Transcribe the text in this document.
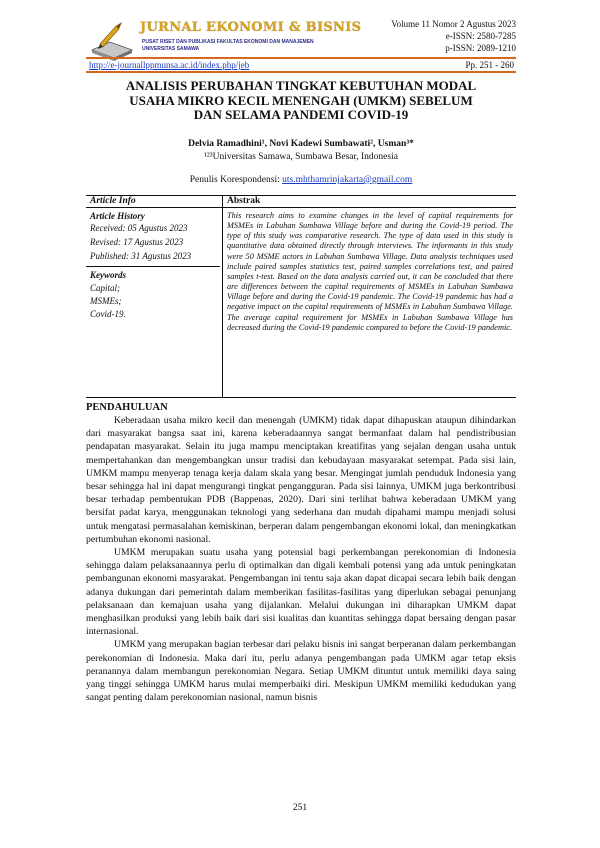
JURNAL EKONOMI & BISNIS
PUSAT RISET DAN PUBLIKASI FAKULTAS EKONOMI DAN MANAJEMEN
UNIVERSITAS SAMAWA
Volume 11 Nomor 2 Agustus 2023
e-ISSN: 2580-7285
p-ISSN: 2089-1210
http://e-journallppmunsa.ac.id/index.php/jeb	Pp. 251 - 260
ANALISIS PERUBAHAN TINGKAT KEBUTUHAN MODAL
USAHA MIKRO KECIL MENENGAH (UMKM) SEBELUM
DAN SELAMA PANDEMI COVID-19
Delvia Ramadhini¹, Novi Kadewi Sumbawati², Usman³*
¹²³Universitas Samawa, Sumbawa Besar, Indonesia
Penulis Korespondensi: uts.mhthamrinjakarta@gmail.com
Article Info	Abstrak
Article History
Received: 05 Agustus 2023
Revised: 17 Agustus 2023
Published: 31 Agustus 2023
Keywords
Capital;
MSMEs;
Covid-19.
This research aims to examine changes in the level of capital requirements for MSMEs in Labuhan Sumbawa Village before and during the Covid-19 period. The type of this study was comparative research. The type of data used in this study is quantitative data obtained directly through interviews. The informants in this study were 50 MSME actors in Labuhan Sumbawa Village. Data analysis techniques used include paired samples statistics test, paired samples correlations test, and paired samples t-test. Based on the data analysis carried out, it can be concluded that there are differences between the capital requirements of MSMEs in Labuhan Sumbawa Village before and during the Covid-19 pandemic. The Covid-19 pandemic has had a negative impact on the capital requirements of MSMEs in Labuhan Sumbawa Village. The average capital requirement for MSMEs in Labuhan Sumbawa Village has decreased during the Covid-19 pandemic compared to before the Covid-19 pandemic.
PENDAHULUAN

Keberadaan usaha mikro kecil dan menengah (UMKM) tidak dapat dihapuskan ataupun dihindarkan dari masyarakat bangsa saat ini, karena keberadaannya sangat bermanfaat dalam hal pendistribusian pendapatan masyarakat. Selain itu juga mampu menciptakan kreatifitas yang sejalan dengan usaha untuk mempertahankan dan mengembangkan unsur tradisi dan kebudayaan masyarakat setempat. Pada sisi lain, UMKM mampu menyerap tenaga kerja dalam skala yang besar. Mengingat jumlah penduduk Indonesia yang besar sehingga hal ini dapat mengurangi tingkat pengangguran. Pada sisi lainnya, UMKM juga berkontribusi besar terhadap pembentukan PDB (Bappenas, 2020). Dari sini terlihat bahwa keberadaan UMKM yang bersifat padat karya, menggunakan teknologi yang sederhana dan mudah dipahami mampu menjadi solusi untuk mengatasi permasalahan kemiskinan, berperan dalam pengembangan ekonomi lokal, dan meningkatkan pertumbuhan ekonomi nasional.

UMKM merupakan suatu usaha yang potensial bagi perkembangan perekonomian di Indonesia sehingga dalam pelaksanaannya perlu di optimalkan dan digali kembali potensi yang ada untuk peningkatan pembangunan ekonomi masyarakat. Pengembangan ini tentu saja akan dapat dicapai secara lebih baik dengan adanya dukungan dari pemerintah dalam memberikan fasilitas-fasilitas yang diperlukan sebagai penunjang pelaksanaan dan kemajuan usaha yang dijalankan. Melalui dukungan ini diharapkan UMKM dapat menghasilkan produksi yang lebih baik dari sisi kualitas dan kuantitas sehingga dapat bersaing dengan pasar internasional.

UMKM yang merupakan bagian terbesar dari pelaku bisnis ini sangat berperanan dalam perkembangan perekonomian di Indonesia. Maka dari itu, perlu adanya pengembangan pada UMKM agar tetap eksis peranannya dalam membangun perekonomian Negara. Setiap UMKM dituntut untuk memiliki daya saing yang tinggi sehingga UMKM harus mulai memperbaiki diri. Meskipun UMKM memiliki kedudukan yang sangat penting dalam perekonomian nasional, namun bisnis

251
